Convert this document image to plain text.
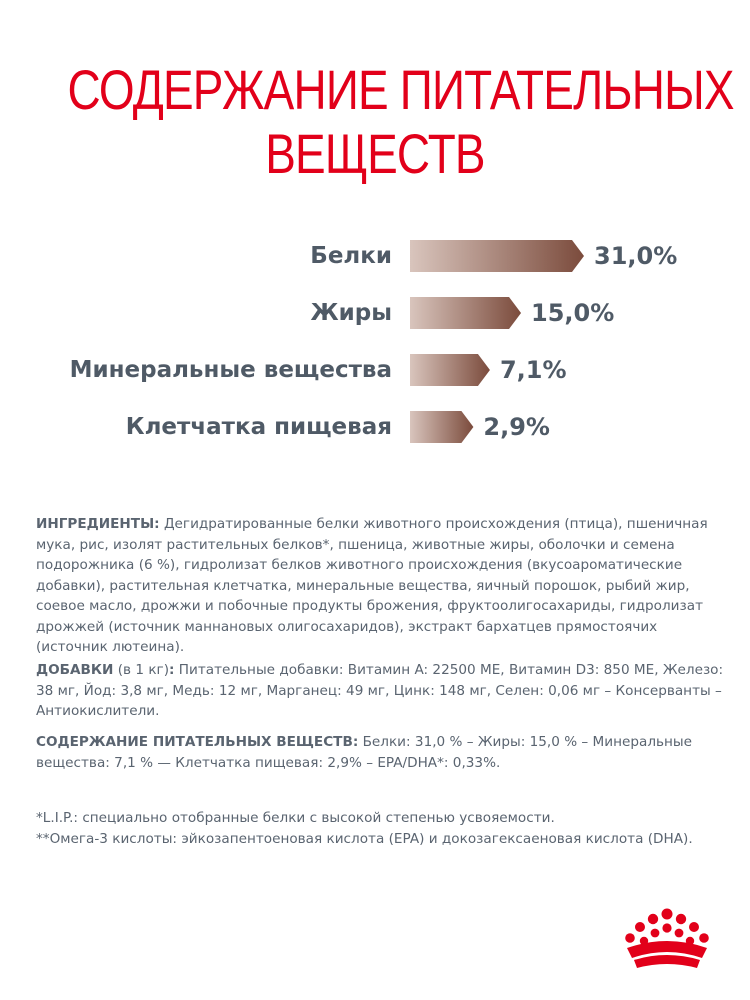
СОДЕРЖАНИЕ ПИТАТЕЛЬНЫХ
ВЕЩЕСТВ
Белки	31,0%
Жиры	15,0%
Минеральные вещества	7,1%
Клетчатка пищевая	2,9%
ИНГРЕДИЕНТЫ: Дегидратированные белки животного происхождения (птица), пшеничная мука, рис, изолят растительных белков*, пшеница, животные жиры, оболочки и семена подорожника (6 %), гидролизат белков животного происхождения (вкусоароматические добавки), растительная клетчатка, минеральные вещества, яичный порошок, рыбий жир, соевое масло, дрожжи и побочные продукты брожения, фруктоолигосахариды, гидролизат дрожжей (источник маннановых олигосахаридов), экстракт бархатцев прямостоячих (источник лютеина).
ДОБАВКИ (в 1 кг): Питательные добавки: Витамин A: 22500 МЕ, Витамин D3: 850 МЕ, Железо: 38 мг, Йод: 3,8 мг, Медь: 12 мг, Марганец: 49 мг, Цинк: 148 мг, Селен: 0,06 мг – Консерванты – Антиокислители.
СОДЕРЖАНИЕ ПИТАТЕЛЬНЫХ ВЕЩЕСТВ: Белки: 31,0 % – Жиры: 15,0 % – Минеральные вещества: 7,1 % — Клетчатка пищевая: 2,9% – EPA/DHA*: 0,33%.
*L.I.P.: специально отобранные белки с высокой степенью усвояемости.
**Омега-3 кислоты: эйкозапентоеновая кислота (EPA) и докозагексаеновая кислота (DHA).
